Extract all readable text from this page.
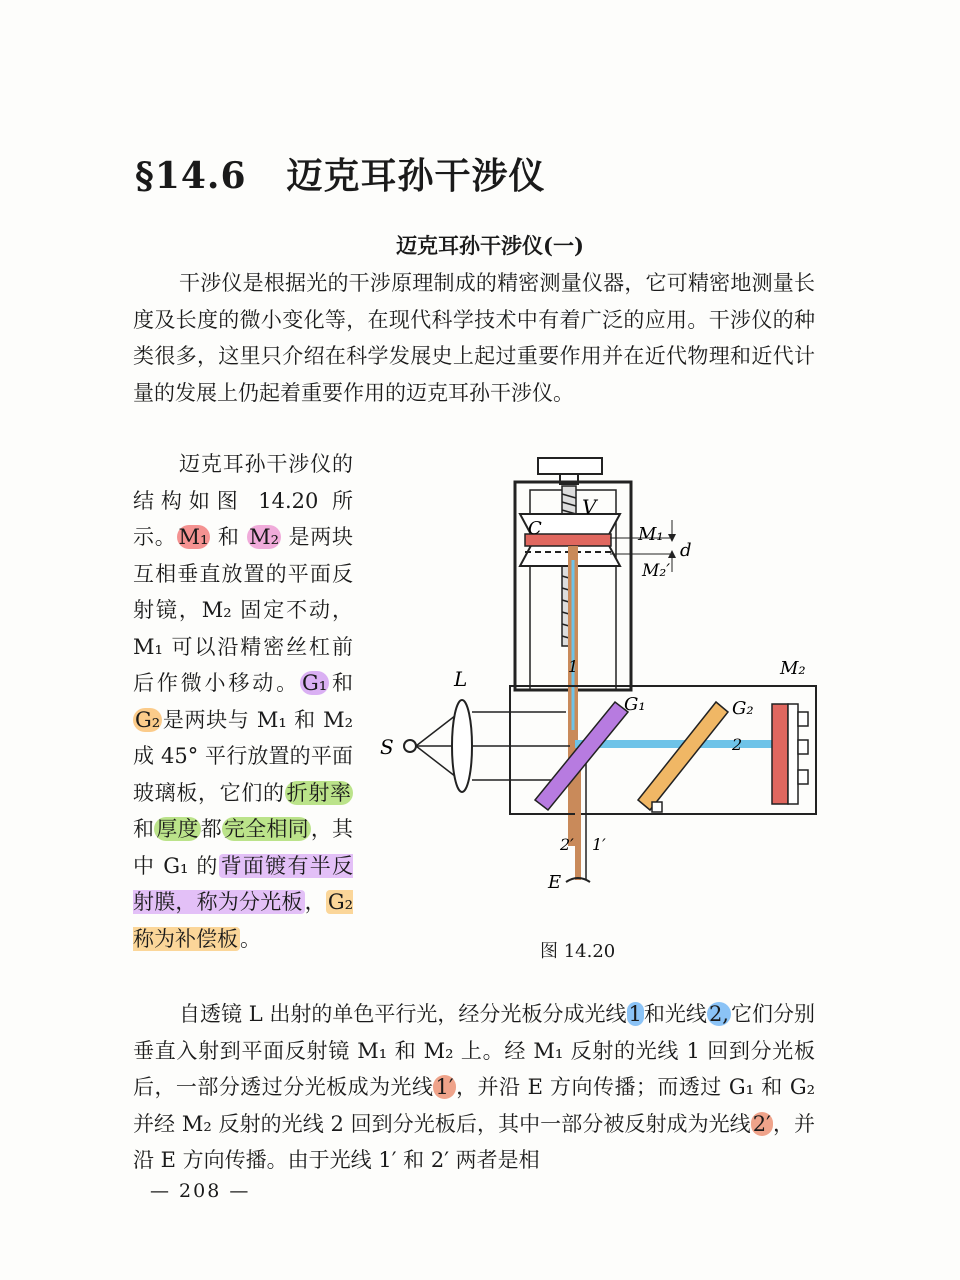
§14.6 迈克耳孙干涉仪
迈克耳孙干涉仪(一)
干涉仪是根据光的干涉原理制成的精密测量仪器，它可精密地测量长度及长度的微小变化等，在现代科学技术中有着广泛的应用。干涉仪的种类很多，这里只介绍在科学发展史上起过重要作用并在近代物理和近代计量的发展上仍起着重要作用的迈克耳孙干涉仪。
迈克耳孙干涉仪的结构如图 14.20 所示。M₁ 和 M₂ 是两块互相垂直放置的平面反射镜，M₂ 固定不动，M₁ 可以沿精密丝杠前后作微小移动。G₁和G₂是两块与 M₁ 和 M₂ 成 45° 平行放置的平面玻璃板，它们的折射率和厚度都完全相同，其中 G₁ 的背面镀有半反射膜，称为分光板，G₂ 称为补偿板。
V
C	M₁
M₂′
d
M₂
L
S
G₁	G₂
1
2
2′ 1′
E
图 14.20
自透镜 L 出射的单色平行光，经分光板分成光线1和光线2,它们分别垂直入射到平面反射镜 M₁ 和 M₂ 上。经 M₁ 反射的光线 1 回到分光板后，一部分透过分光板成为光线1′，并沿 E 方向传播；而透过 G₁ 和 G₂ 并经 M₂ 反射的光线 2 回到分光板后，其中一部分被反射成为光线2′，并沿 E 方向传播。由于光线 1′ 和 2′ 两者是相
— 208 —
